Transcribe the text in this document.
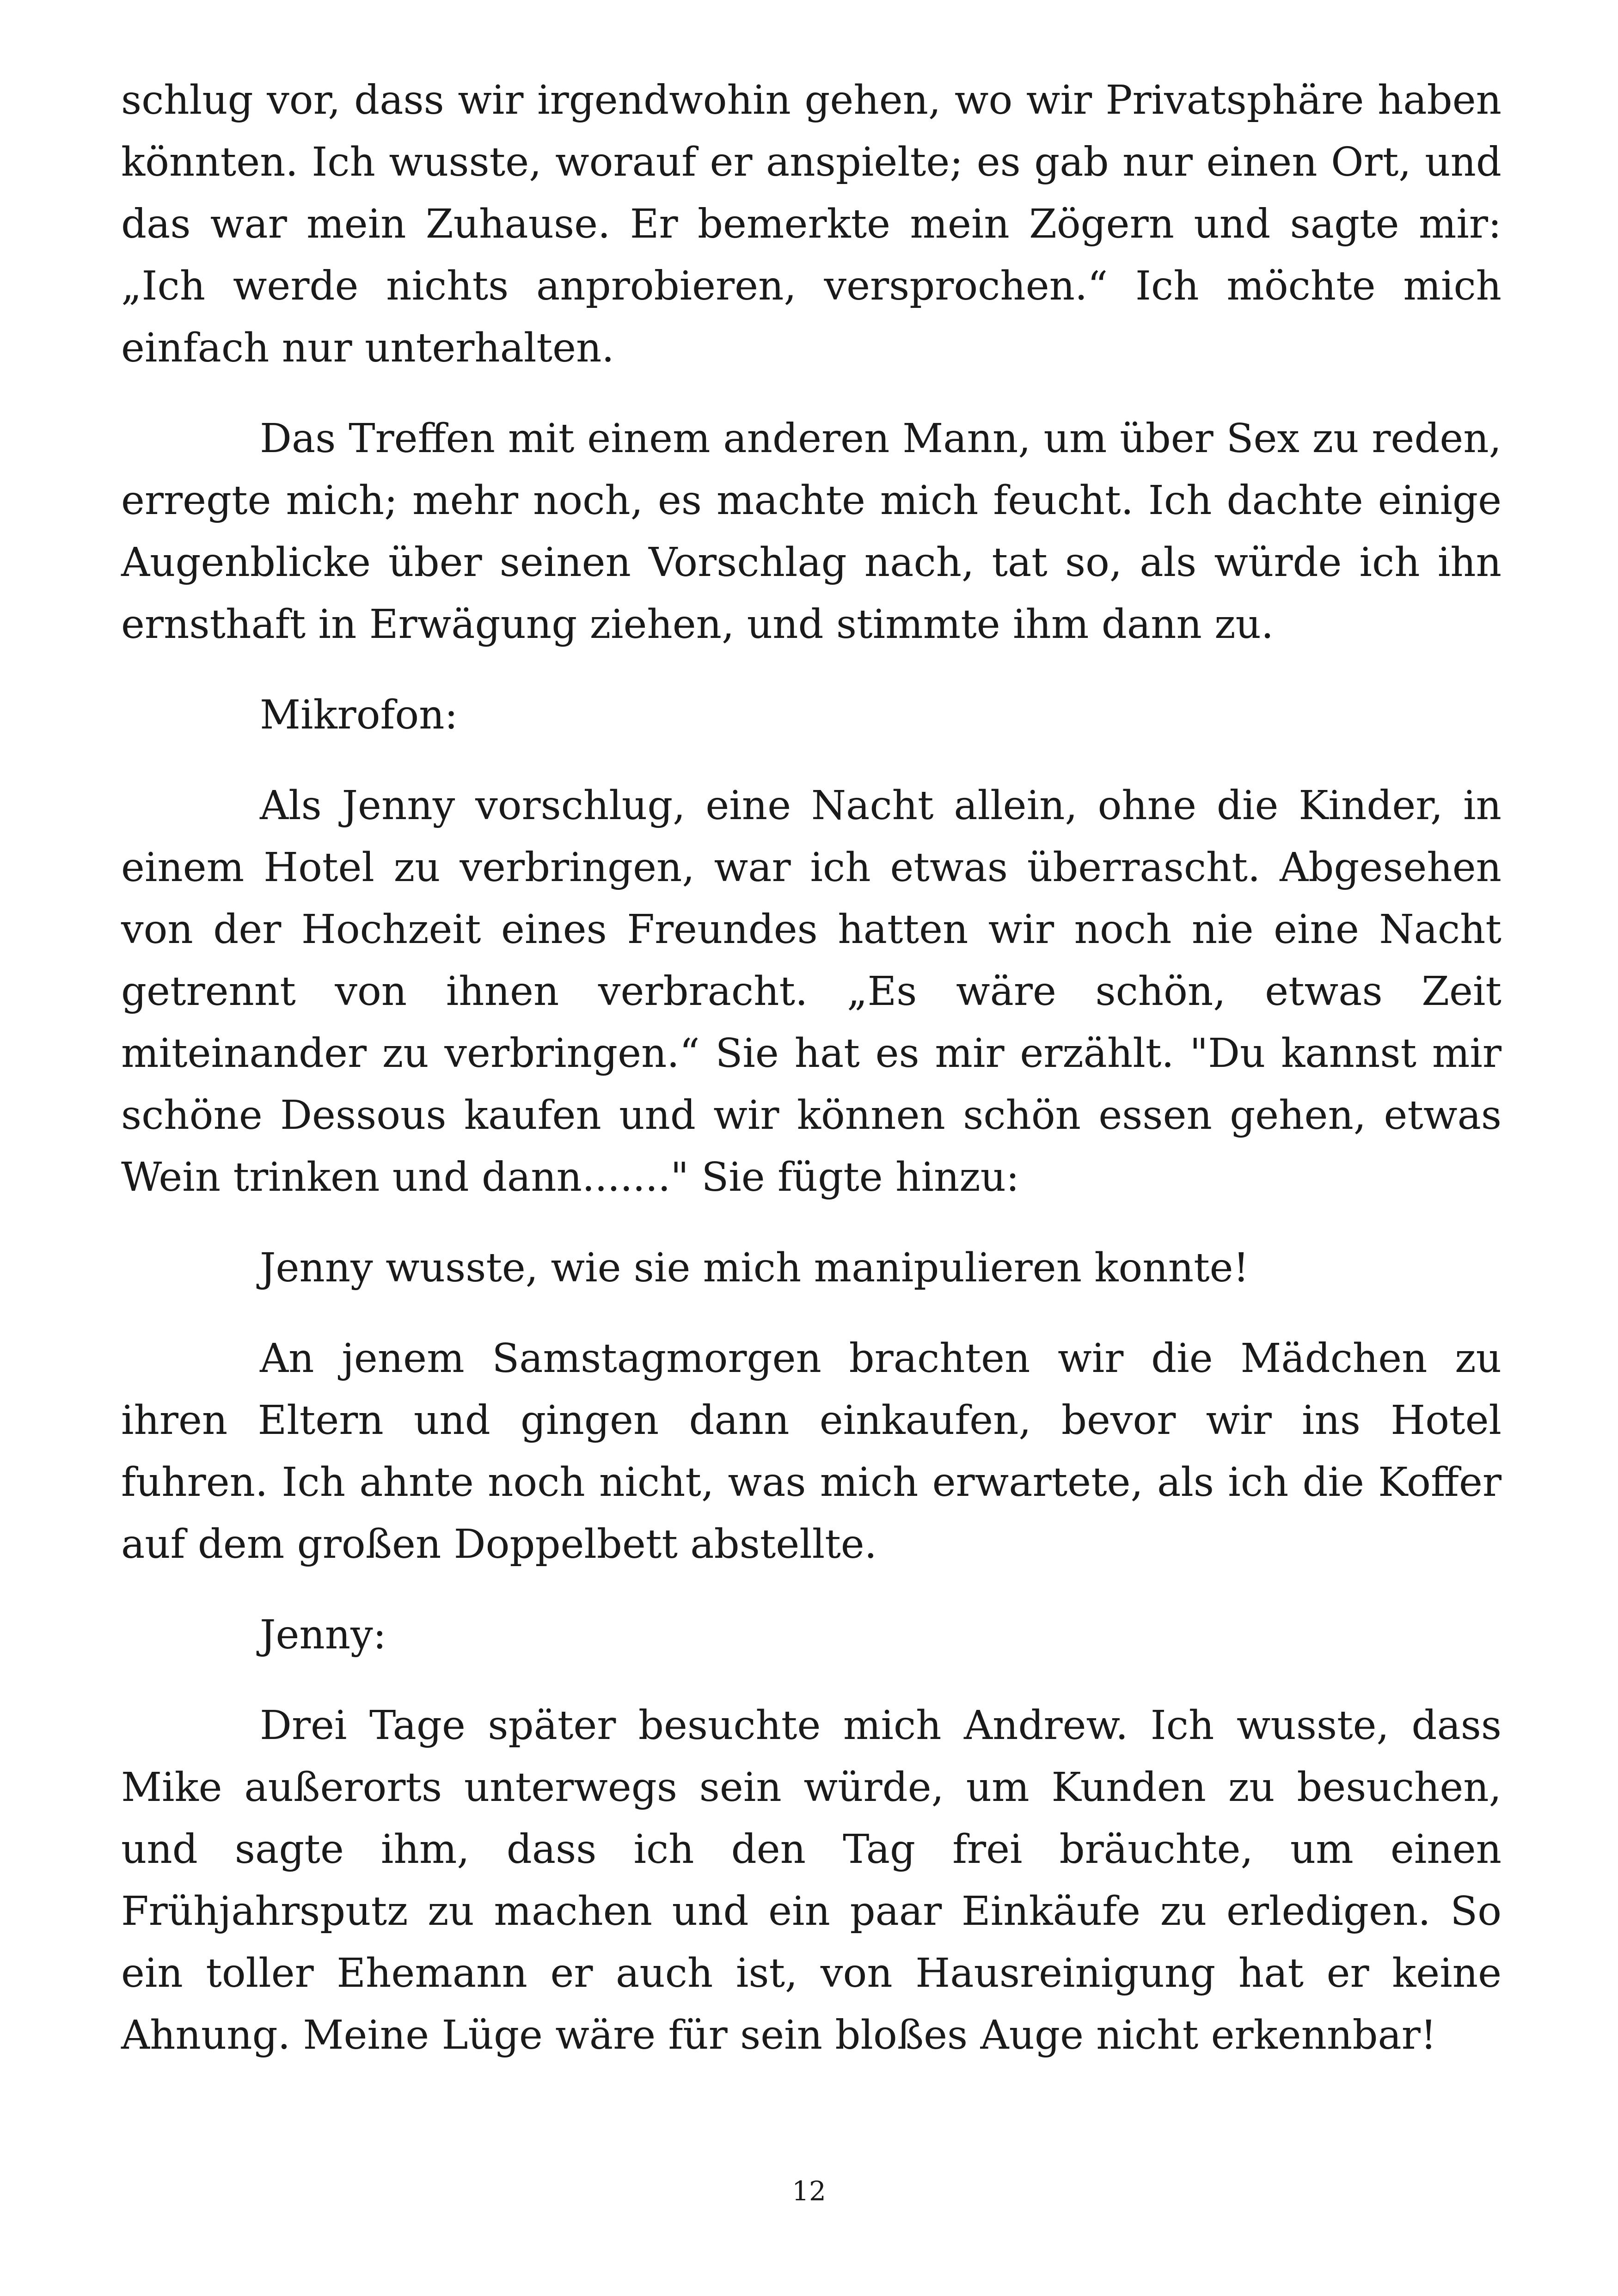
schlug vor, dass wir irgendwohin gehen, wo wir Privatsphäre haben könnten. Ich wusste, worauf er anspielte; es gab nur einen Ort, und das war mein Zuhause. Er bemerkte mein Zögern und sagte mir: „Ich werde nichts anprobieren, versprochen.“ Ich möchte mich einfach nur unterhalten.

Das Treffen mit einem anderen Mann, um über Sex zu reden, erregte mich; mehr noch, es machte mich feucht. Ich dachte einige Augenblicke über seinen Vorschlag nach, tat so, als würde ich ihn ernsthaft in Erwägung ziehen, und stimmte ihm dann zu.

Mikrofon:

Als Jenny vorschlug, eine Nacht allein, ohne die Kinder, in einem Hotel zu verbringen, war ich etwas überrascht. Abgesehen von der Hochzeit eines Freundes hatten wir noch nie eine Nacht getrennt von ihnen verbracht. „Es wäre schön, etwas Zeit miteinander zu verbringen.“ Sie hat es mir erzählt. "Du kannst mir schöne Dessous kaufen und wir können schön essen gehen, etwas Wein trinken und dann......." Sie fügte hinzu:

Jenny wusste, wie sie mich manipulieren konnte!

An jenem Samstagmorgen brachten wir die Mädchen zu ihren Eltern und gingen dann einkaufen, bevor wir ins Hotel fuhren. Ich ahnte noch nicht, was mich erwartete, als ich die Koffer auf dem großen Doppelbett abstellte.

Jenny:

Drei Tage später besuchte mich Andrew. Ich wusste, dass Mike außerorts unterwegs sein würde, um Kunden zu besuchen, und sagte ihm, dass ich den Tag frei bräuchte, um einen Frühjahrsputz zu machen und ein paar Einkäufe zu erledigen. So ein toller Ehemann er auch ist, von Hausreinigung hat er keine Ahnung. Meine Lüge wäre für sein bloßes Auge nicht erkennbar!

12
